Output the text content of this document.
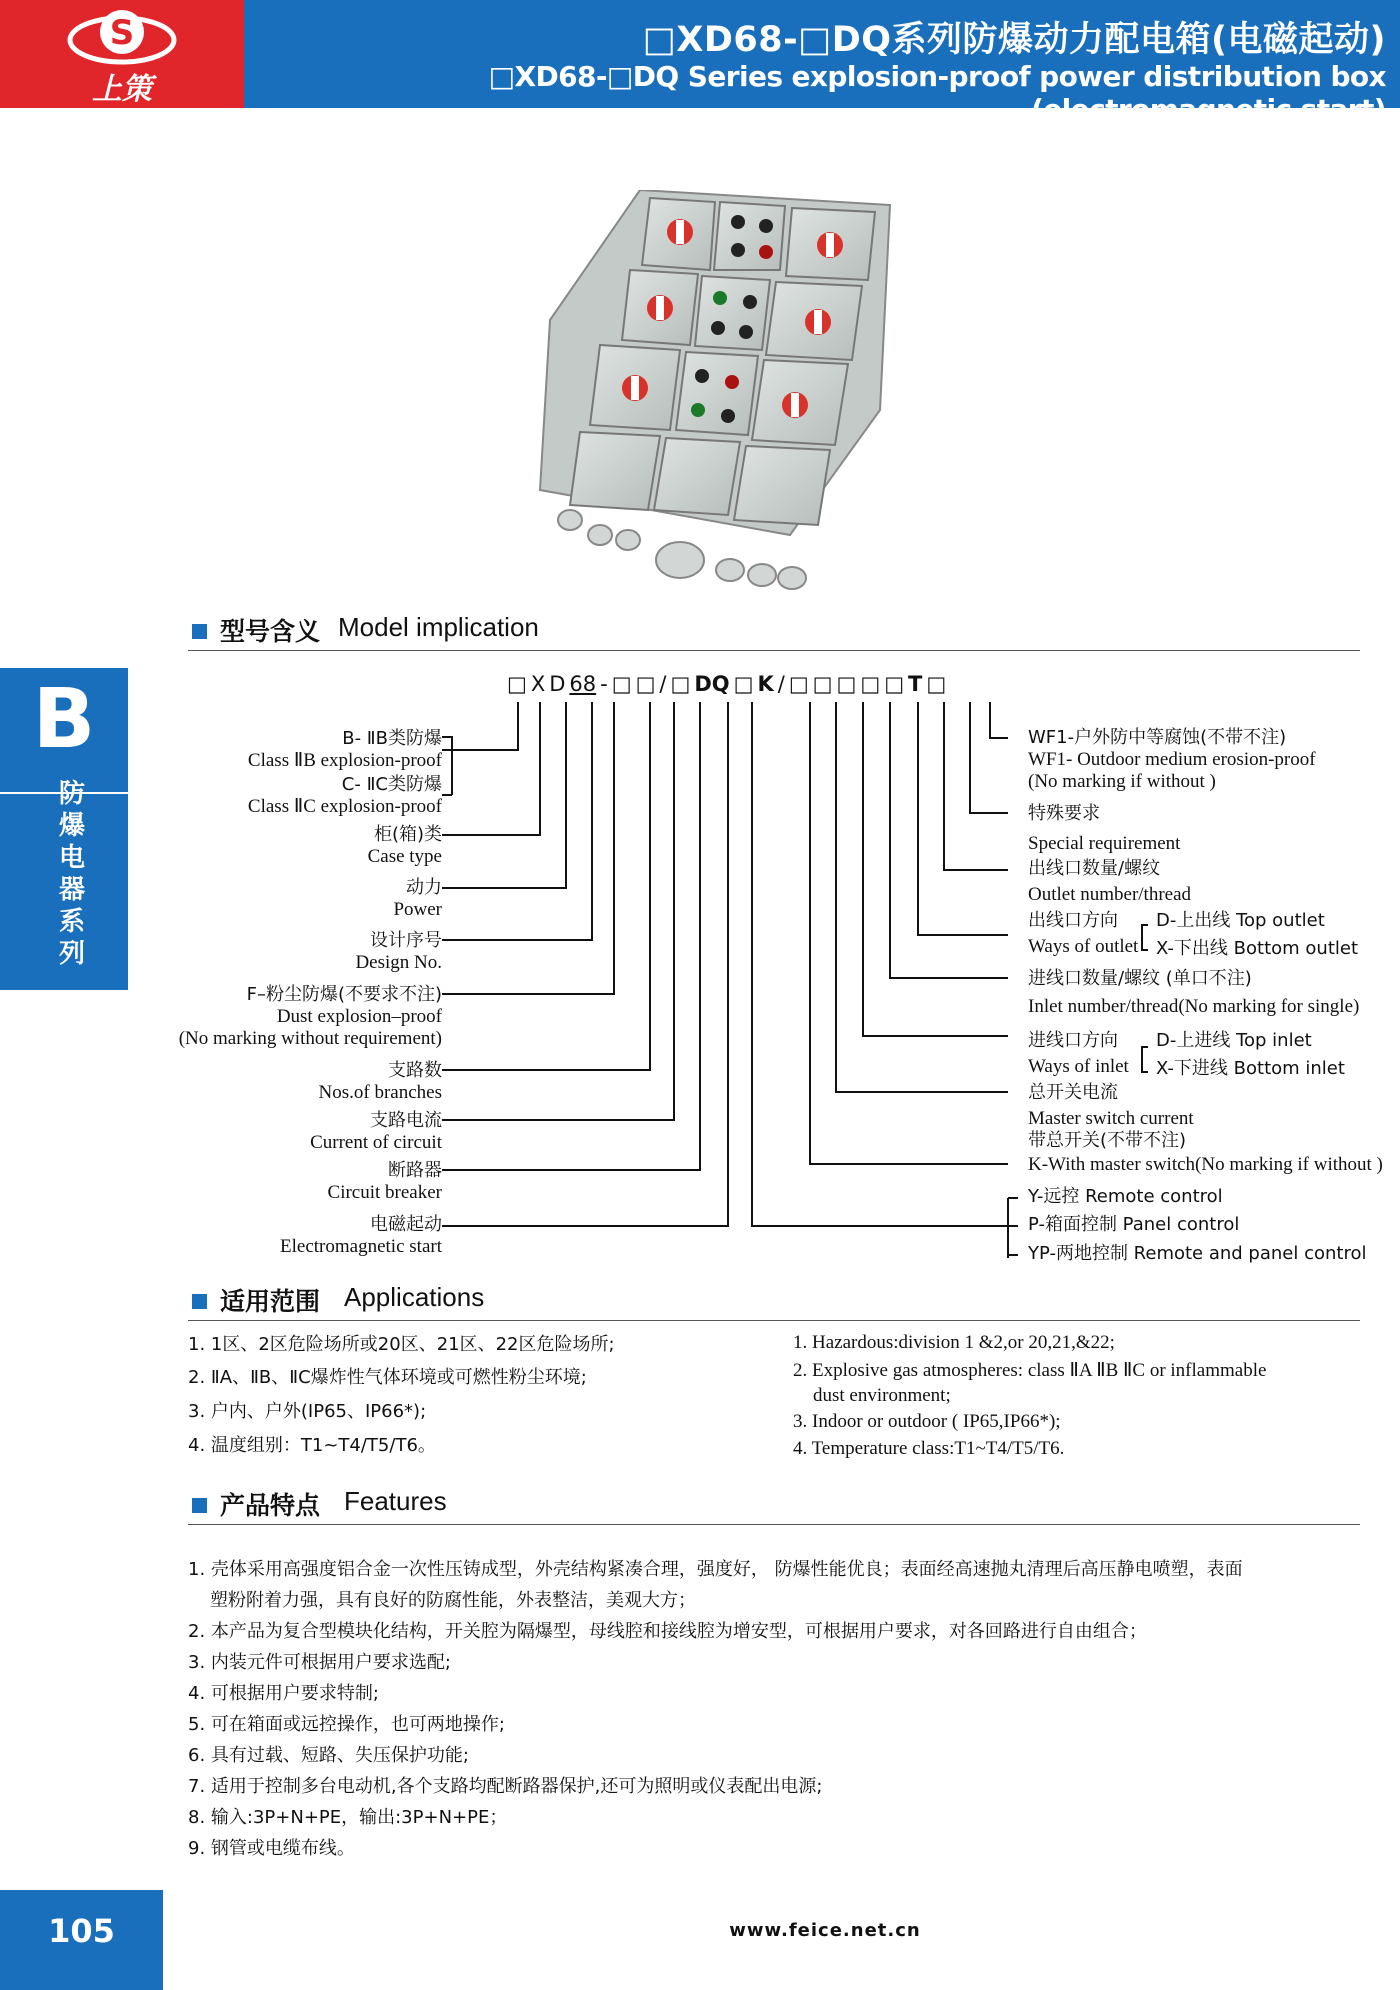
S
上策
□XD68-□DQ系列防爆动力配电箱(电磁起动)
□XD68-□DQ Series explosion-proof power distribution box (electromagnetic start)
型号含义 Model implication
□ X D 68 - □ □ / □ DQ □ K / □ □ □ □ □ T □
B- ⅡB类防爆
Class ⅡB explosion-proof
C- ⅡC类防爆
Class ⅡC explosion-proof
柜(箱)类
Case type
动力
Power
设计序号
Design No.
F–粉尘防爆(不要求不注)
Dust explosion–proof
(No marking without requirement)
支路数
Nos.of branches
支路电流
Current of circuit
断路器
Circuit breaker
电磁起动
Electromagnetic start
WF1-户外防中等腐蚀(不带不注)
WF1- Outdoor medium erosion-proof
(No marking if without )
特殊要求
Special requirement
出线口数量/螺纹
Outlet number/thread
出线口方向
Ways of outlet
D-上出线 Top outlet
X-下出线 Bottom outlet
进线口数量/螺纹 (单口不注)
Inlet number/thread(No marking for single)
进线口方向
Ways of inlet
D-上进线 Top inlet
X-下进线 Bottom inlet
总开关电流
Master switch current
带总开关(不带不注)
K-With master switch(No marking if without )
Y-远控 Remote control
P-箱面控制 Panel control
YP-两地控制 Remote and panel control
适用范围 Applications
1. 1区、2区危险场所或20区、21区、22区危险场所;
2. ⅡA、ⅡB、ⅡC爆炸性气体环境或可燃性粉尘环境;
3. 户内、户外(IP65、IP66*);
4. 温度组别：T1~T4/T5/T6。
1. Hazardous:division 1 &2,or 20,21,&22;
2. Explosive gas atmospheres: class ⅡA ⅡB ⅡC or inflammable
dust environment;
3. Indoor or outdoor ( IP65,IP66*);
4. Temperature class:T1~T4/T5/T6.
产品特点 Features
1. 壳体采用高强度铝合金一次性压铸成型，外壳结构紧凑合理，强度好， 防爆性能优良；表面经高速抛丸清理后高压静电喷塑，表面
塑粉附着力强，具有良好的防腐性能，外表整洁，美观大方；
2. 本产品为复合型模块化结构，开关腔为隔爆型，母线腔和接线腔为增安型，可根据用户要求，对各回路进行自由组合；
3. 内装元件可根据用户要求选配;
4. 可根据用户要求特制;
5. 可在箱面或远控操作，也可两地操作;
6. 具有过载、短路、失压保护功能;
7. 适用于控制多台电动机,各个支路均配断路器保护,还可为照明或仪表配出电源;
8. 输入:3P+N+PE，输出:3P+N+PE；
9. 钢管或电缆布线。
B
防爆电器系列
105	www.feice.net.cn
